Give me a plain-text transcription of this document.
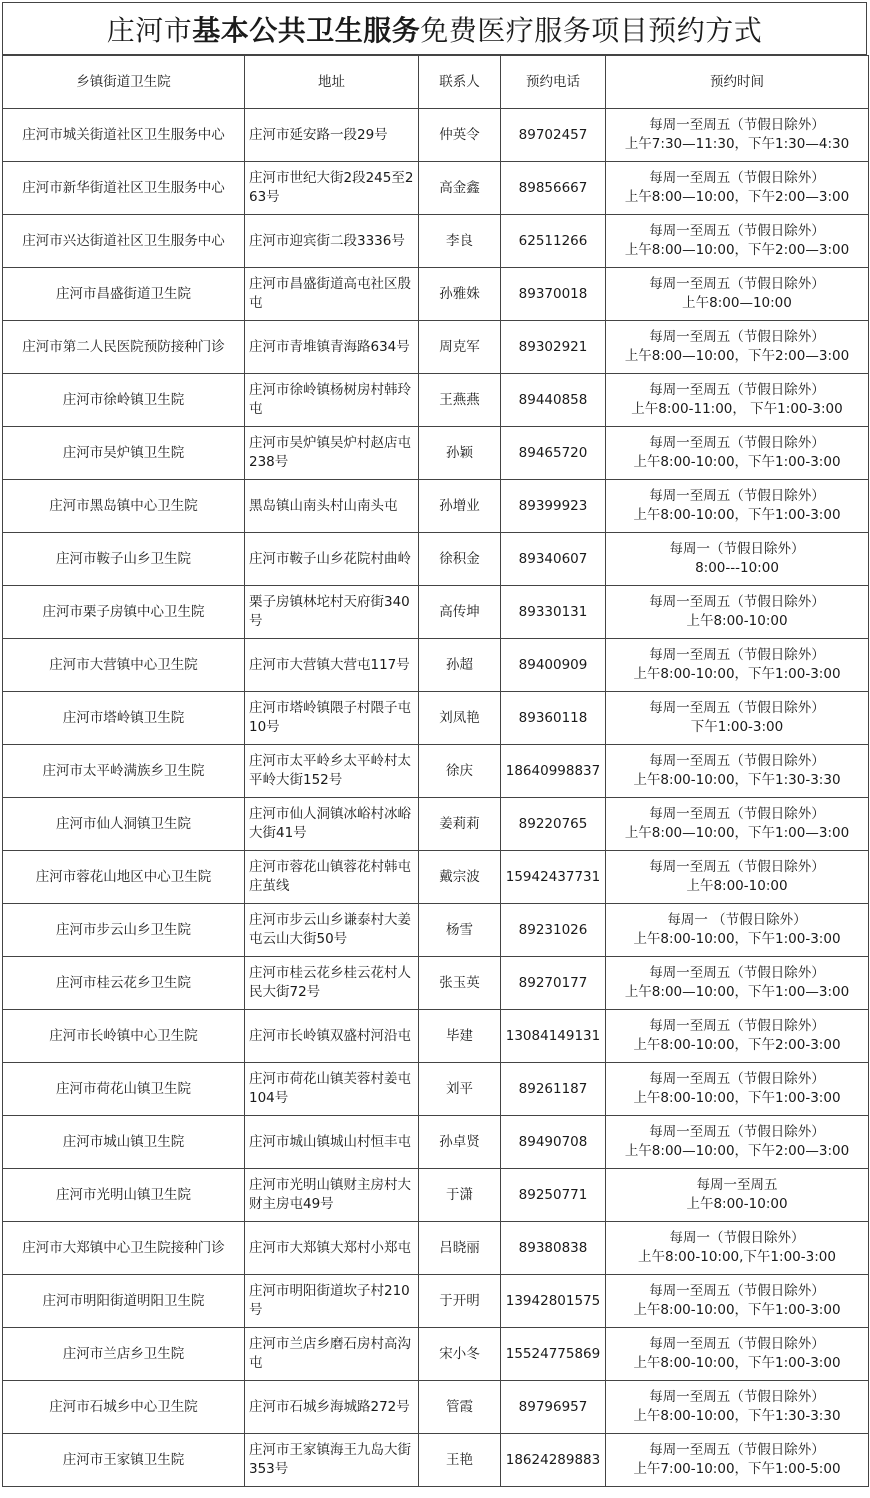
庄河市基本公共卫生服务免费医疗服务项目预约方式
乡镇街道卫生院	地址	联系人	预约电话	预约时间
庄河市城关街道社区卫生服务中心	庄河市延安路一段29号	仲英令	89702457	每周一至周五（节假日除外）
上午7:30—11:30，下午1:30—4:30

庄河市新华街道社区卫生服务中心	庄河市世纪大街2段245至263号	高金鑫	89856667	每周一至周五（节假日除外）
上午8:00—10:00，下午2:00—3:00

庄河市兴达街道社区卫生服务中心	庄河市迎宾街二段3336号	李良	62511266	每周一至周五（节假日除外）
上午8:00—10:00，下午2:00—3:00

庄河市昌盛街道卫生院	庄河市昌盛街道高屯社区殷屯	孙雅姝	89370018	每周一至周五（节假日除外）
上午8:00—10:00

庄河市第二人民医院预防接种门诊	庄河市青堆镇青海路634号	周克军	89302921	每周一至周五（节假日除外）
上午8:00—10:00，下午2:00—3:00

庄河市徐岭镇卫生院	庄河市徐岭镇杨树房村韩玲屯	王燕燕	89440858	每周一至周五（节假日除外）
上午8:00-11:00， 下午1:00-3:00

庄河市吴炉镇卫生院	庄河市吴炉镇吴炉村赵店屯238号	孙颖	89465720	每周一至周五（节假日除外）
上午8:00-10:00，下午1:00-3:00

庄河市黑岛镇中心卫生院	黑岛镇山南头村山南头屯	孙增业	89399923	每周一至周五（节假日除外）
上午8:00-10:00，下午1:00-3:00

庄河市鞍子山乡卫生院	庄河市鞍子山乡花院村曲岭	徐积金	89340607	每周一（节假日除外）
8:00---10:00

庄河市栗子房镇中心卫生院	栗子房镇林坨村天府街340号	高传坤	89330131	每周一至周五（节假日除外）
上午8:00-10:00

庄河市大营镇中心卫生院	庄河市大营镇大营屯117号	孙超	89400909	每周一至周五（节假日除外）
上午8:00-10:00，下午1:00-3:00

庄河市塔岭镇卫生院	庄河市塔岭镇隈子村隈子屯10号	刘凤艳	89360118	每周一至周五（节假日除外）
下午1:00-3:00

庄河市太平岭满族乡卫生院	庄河市太平岭乡太平岭村太平岭大街152号	徐庆	18640998837	每周一至周五（节假日除外）
上午8:00-10:00，下午1:30-3:30

庄河市仙人洞镇卫生院	庄河市仙人洞镇冰峪村冰峪大街41号	姜莉莉	89220765	每周一至周五（节假日除外）
上午8:00—10:00，下午1:00—3:00

庄河市蓉花山地区中心卫生院	庄河市蓉花山镇蓉花村韩屯庄茧线	戴宗波	15942437731	每周一至周五（节假日除外）
上午8:00-10:00

庄河市步云山乡卫生院	庄河市步云山乡谦泰村大姜屯云山大街50号	杨雪	89231026	每周一 （节假日除外）
上午8:00-10:00，下午1:00-3:00

庄河市桂云花乡卫生院	庄河市桂云花乡桂云花村人民大街72号	张玉英	89270177	每周一至周五（节假日除外）
上午8:00—10:00，下午1:00—3:00

庄河市长岭镇中心卫生院	庄河市长岭镇双盛村河沿屯	毕建	13084149131	每周一至周五（节假日除外）
上午8:00-10:00，下午2:00-3:00

庄河市荷花山镇卫生院	庄河市荷花山镇芙蓉村姜屯104号	刘平	89261187	每周一至周五（节假日除外）
上午8:00-10:00，下午1:00-3:00

庄河市城山镇卫生院	庄河市城山镇城山村恒丰屯	孙卓贤	89490708	每周一至周五（节假日除外）
上午8:00—10:00，下午2:00—3:00

庄河市光明山镇卫生院	庄河市光明山镇财主房村大财主房屯49号	于潇	89250771	每周一至周五
上午8:00-10:00

庄河市大郑镇中心卫生院接种门诊	庄河市大郑镇大郑村小郑屯	吕晓丽	89380838	每周一（节假日除外）
上午8:00-10:00,下午1:00-3:00

庄河市明阳街道明阳卫生院	庄河市明阳街道坎子村210号	于开明	13942801575	每周一至周五（节假日除外）
上午8:00-10:00，下午1:00-3:00

庄河市兰店乡卫生院	庄河市兰店乡磨石房村高沟屯	宋小冬	15524775869	每周一至周五（节假日除外）
上午8:00-10:00，下午1:00-3:00

庄河市石城乡中心卫生院	庄河市石城乡海城路272号	管霞	89796957	每周一至周五（节假日除外）
上午8:00-10:00，下午1:30-3:30

庄河市王家镇卫生院	庄河市王家镇海王九岛大街353号	王艳	18624289883	每周一至周五（节假日除外）
上午7:00-10:00，下午1:00-5:00
